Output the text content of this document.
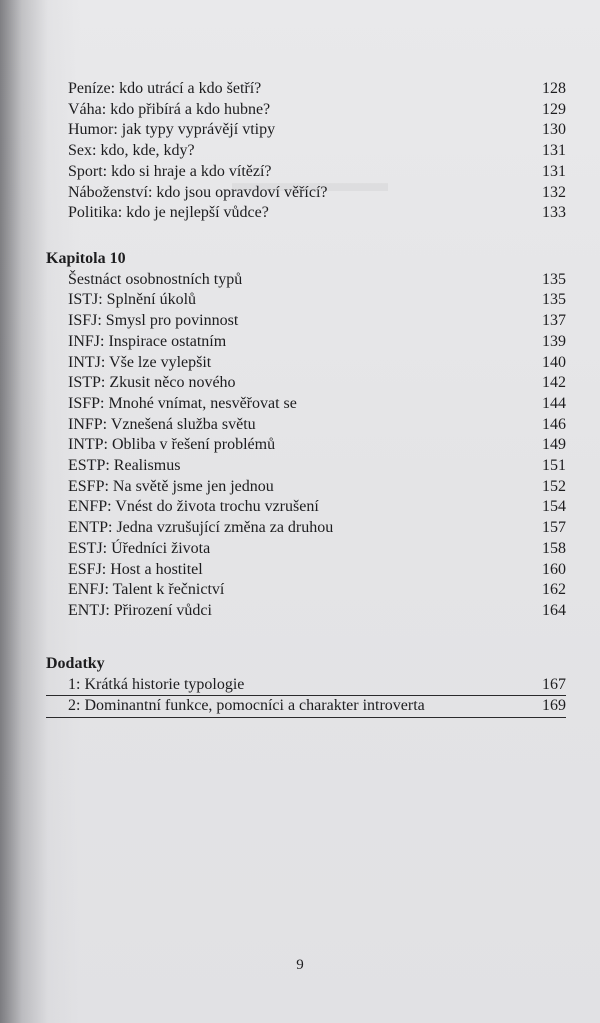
▬▬▬▬▬▬
Peníze: kdo utrácí a kdo šetří?	128
Váha: kdo přibírá a kdo hubne?	129
Humor: jak typy vyprávějí vtipy	130
Sex: kdo, kde, kdy?	131
Sport: kdo si hraje a kdo vítězí?	131
Náboženství: kdo jsou opravdoví věřící?	132
Politika: kdo je nejlepší vůdce?	133
Kapitola 10
Šestnáct osobnostních typů	135
ISTJ: Splnění úkolů	135
ISFJ: Smysl pro povinnost	137
INFJ: Inspirace ostatním	139
INTJ: Vše lze vylepšit	140
ISTP: Zkusit něco nového	142
ISFP: Mnohé vnímat, nesvěřovat se	144
INFP: Vznešená služba světu	146
INTP: Obliba v řešení problémů	149
ESTP: Realismus	151
ESFP: Na světě jsme jen jednou	152
ENFP: Vnést do života trochu vzrušení	154
ENTP: Jedna vzrušující změna za druhou	157
ESTJ: Úředníci života	158
ESFJ: Host a hostitel	160
ENFJ: Talent k řečnictví	162
ENTJ: Přirození vůdci	164
Dodatky
1: Krátká historie typologie	167
2: Dominantní funkce, pomocníci a charakter introverta	169
9
